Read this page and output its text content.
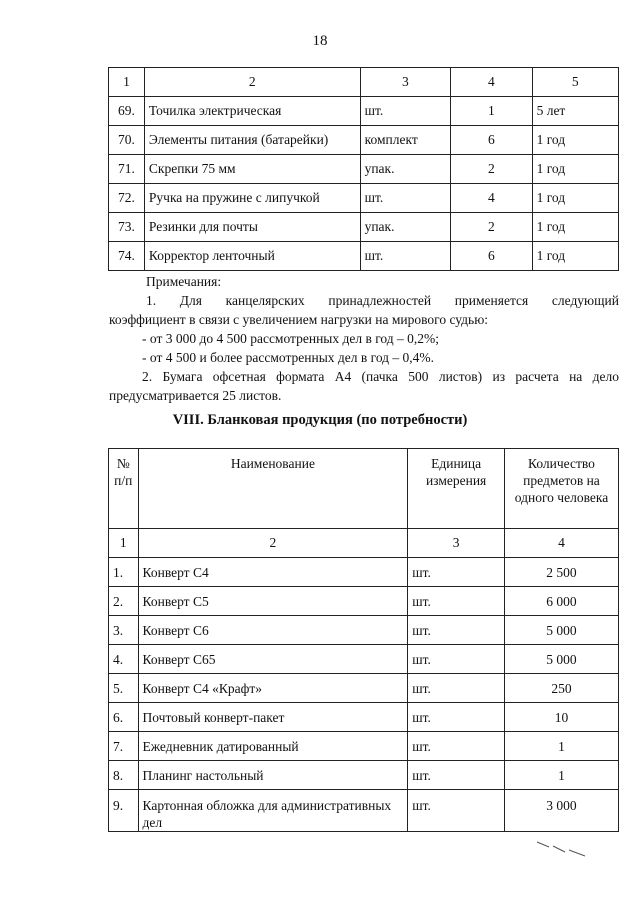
18
1	2	3	4	5
69.	Точилка электрическая	шт.	1	5 лет
70.	Элементы питания (батарейки)	комплект	6	1 год
71.	Скрепки 75 мм	упак.	2	1 год
72.	Ручка на пружине с липучкой	шт.	4	1 год
73.	Резинки для почты	упак.	2	1 год
74.	Корректор ленточный	шт.	6	1 год

Примечания:

1. Для канцелярских принадлежностей применяется следующий

коэффициент в связи с увеличением нагрузки на мирового судью:

- от 3 000 до 4 500 рассмотренных дел в год – 0,2%;

- от 4 500 и более рассмотренных дел в год – 0,4%.

2. Бумага офсетная формата А4 (пачка 500 листов) из расчета на дело

предусматривается 25 листов.

VIII. Бланковая продукция (по потребности)
№ п/п	Наименование	Единица измерения	Количество предметов на одного человека
1	2	3	4
1.	Конверт С4	шт.	2 500
2.	Конверт С5	шт.	6 000
3.	Конверт С6	шт.	5 000
4.	Конверт С65	шт.	5 000
5.	Конверт С4 «Крафт»	шт.	250
6.	Почтовый конверт-пакет	шт.	10
7.	Ежедневник датированный	шт.	1
8.	Планинг настольный	шт.	1
9.	Картонная обложка для административных дел	шт.	3 000
